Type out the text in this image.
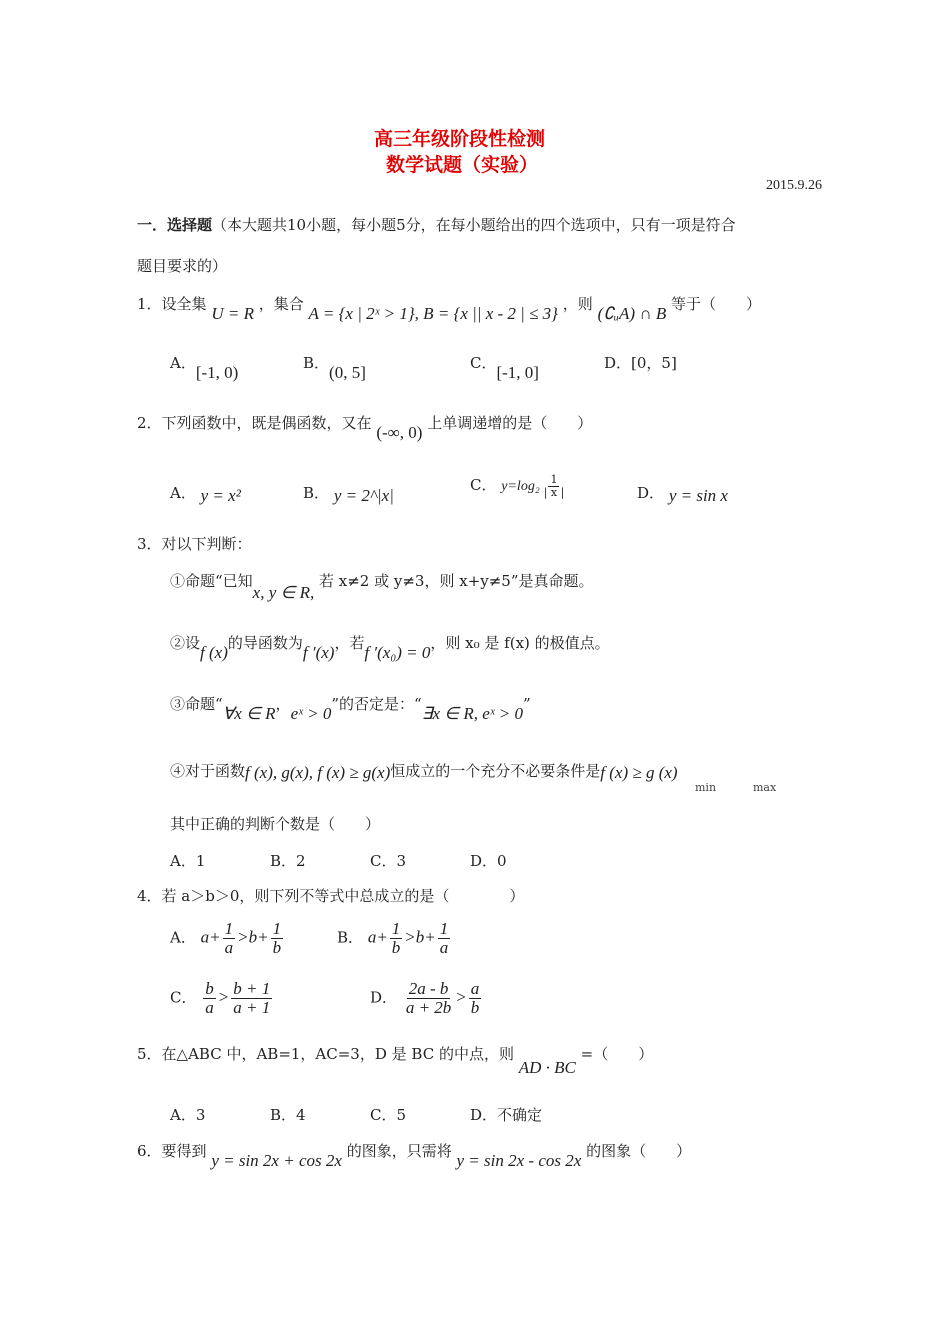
高三年级阶段性检测
数学试题（实验）
2015.9.26
一．选择题（本大题共10小题，每小题5分，在每小题给出的四个选项中，只有一项是符合
题目要求的）
1．设全集 U = R ，集合 A = {x | 2ˣ > 1}, B = {x || x - 2 | ≤ 3} ，则 (∁ᵤA) ∩ B 等于（　　）
A．[-1, 0)	B．(0, 5]	C．[-1, 0]	D．[0，5]
2．下列函数中，既是偶函数，又在 (-∞, 0) 上单调递增的是（　　）
A． y = x²	B． y = 2^|x|
C． $y=\log_2 \frac{1}{| x |}$	D． y = sin x
3．对以下判断：
①命题“已知x, y ∈ R, 若 x≠2 或 y≠3，则 x+y≠5”是真命题。
②设f (x)的导函数为f ′(x)，若f ′(x₀) = 0，则 x₀ 是 f(x) 的极值点。
③命题“∀x ∈ R，eˣ > 0”的否定是：“∃x ∈ R, eˣ > 0”
④对于函数f (x), g(x), f (x) ≥ g(x)恒成立的一个充分不必要条件是f (x) ≥ g (x)
min	max
其中正确的判断个数是（　　）
A．1	B．2	C．3	D．0
4．若 a＞b＞0，则下列不等式中总成立的是（　　　　）
A． $a+ \frac{1}{a} >b+ \frac{1}{b}$	B． $a+ \frac{1}{b} >b+ \frac{1}{a}$
C． $\frac{b}{a} > \frac{b + 1}{a + 1}$	D． $\frac{2a - b}{a + 2b} > \frac{a}{b}$
5．在△ABC 中，AB=1，AC=3，D 是 BC 的中点，则 AD · BC =（　　）
A．3	B．4	C．5	D．不确定
6．要得到 y = sin 2x + cos 2x 的图象，只需将 y = sin 2x - cos 2x 的图象（　　）
